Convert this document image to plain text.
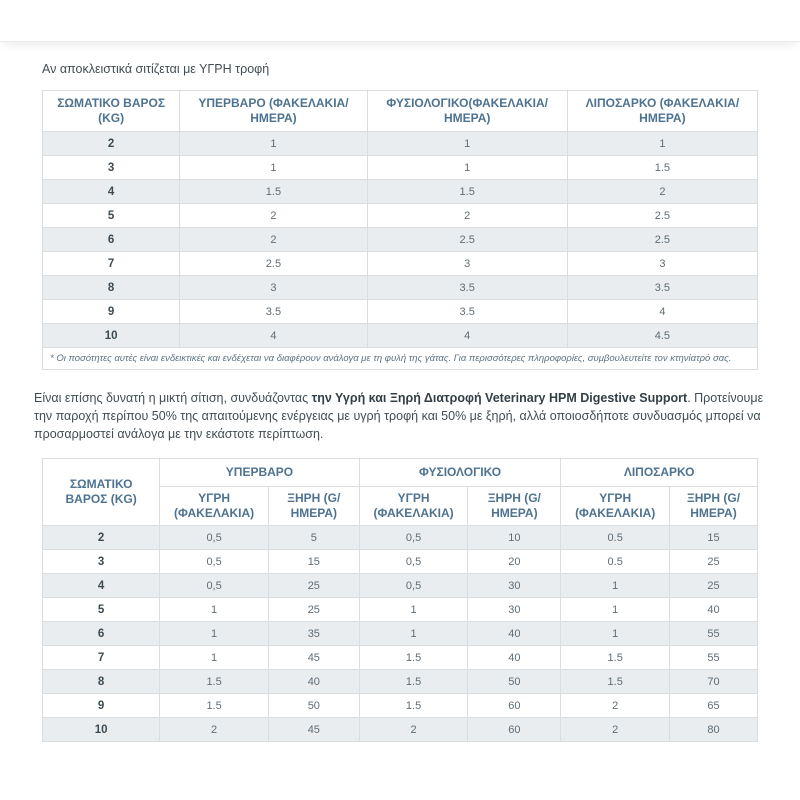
Αν αποκλειστικά σιτίζεται με ΥΓΡΗ τροφή

ΣΩΜΑΤΙΚΟ ΒΑΡΟΣ (KG)	ΥΠΕΡΒΑΡΟ (ΦΑΚΕΛΑΚΙΑ/ΗΜΕΡΑ)	ΦΥΣΙΟΛΟΓΙΚΟ(ΦΑΚΕΛΑΚΙΑ/ΗΜΕΡΑ)	ΛΙΠΟΣΑΡΚΟ (ΦΑΚΕΛΑΚΙΑ/ΗΜΕΡΑ)
2	1	1	1
3	1	1	1.5
4	1.5	1.5	2
5	2	2	2.5
6	2	2.5	2.5
7	2.5	3	3
8	3	3.5	3.5
9	3.5	3.5	4
10	4	4	4.5
* Οι ποσότητες αυτές είναι ενδεικτικές και ενδέχεται να διαφέρουν ανάλογα με τη φυλή της γάτας. Για περισσότερες πληροφορίες, συμβουλευτείτε τον κτηνίατρό σας.			

Είναι επίσης δυνατή η μικτή σίτιση, συνδυάζοντας την Υγρή και Ξηρή Διατροφή Veterinary HPM Digestive Support. Προτείνουμε την παροχή περίπου 50% της απαιτούμενης ενέργειας με υγρή τροφή και 50% με ξηρή, αλλά οποιοσδήποτε συνδυασμός μπορεί να προσαρμοστεί ανάλογα με την εκάστοτε περίπτωση.

ΣΩΜΑΤΙΚΟ ΒΑΡΟΣ (KG)	ΥΠΕΡΒΑΡΟ		ΦΥΣΙΟΛΟΓΙΚΟ		ΛΙΠΟΣΑΡΚΟ	
	ΥΓΡΗ (ΦΑΚΕΛΑΚΙΑ)	ΞΗΡΗ (G/ΗΜΕΡΑ)	ΥΓΡΗ (ΦΑΚΕΛΑΚΙΑ)	ΞΗΡΗ (G/ΗΜΕΡΑ)	ΥΓΡΗ (ΦΑΚΕΛΑΚΙΑ)	ΞΗΡΗ (G/ΗΜΕΡΑ)
2	0,5	5	0,5	10	0.5	15
3	0,5	15	0,5	20	0.5	25
4	0,5	25	0,5	30	1	25
5	1	25	1	30	1	40
6	1	35	1	40	1	55
7	1	45	1.5	40	1.5	55
8	1.5	40	1.5	50	1.5	70
9	1.5	50	1.5	60	2	65
10	2	45	2	60	2	80
